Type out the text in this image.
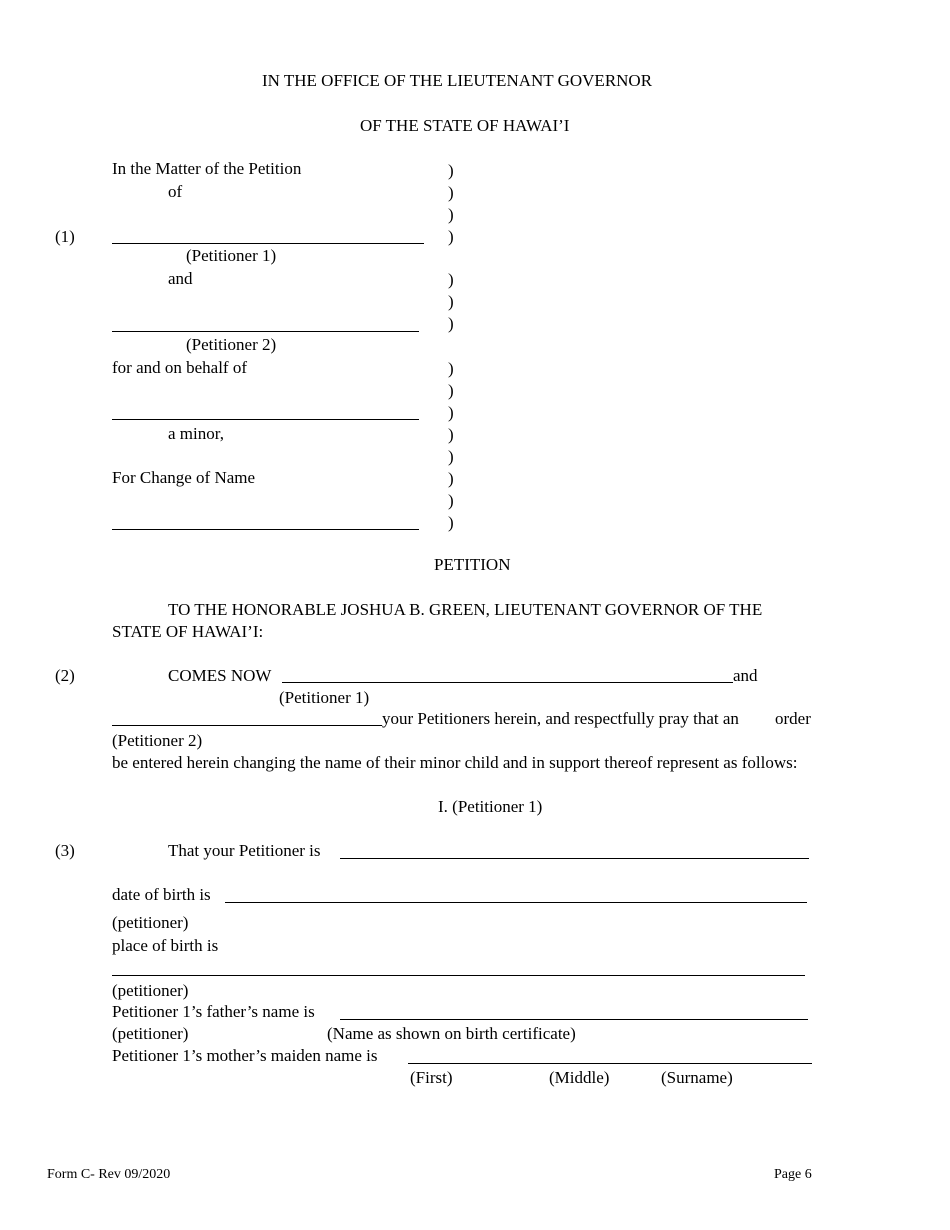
IN THE OFFICE OF THE LIEUTENANT GOVERNOR
OF THE STATE OF HAWAI’I
In the Matter of the Petition
of
(1)
(Petitioner 1)
and
(Petitioner 2)
for and on behalf of
a minor,
For Change of Name
)
)
)
)
)
)
)
)
)
)
)
)
)
)
)
PETITION
TO THE HONORABLE JOSHUA B. GREEN, LIEUTENANT GOVERNOR OF THE
STATE OF HAWAI’I:
(2)	COMES NOW	and
(Petitioner 1)
your Petitioners herein, and respectfully pray that an order
(Petitioner 2)
be entered herein changing the name of their minor child and in support thereof represent as follows:
I. (Petitioner 1)
(3)	That your Petitioner is
date of birth is
(petitioner)
place of birth is
(petitioner)
Petitioner 1’s father’s name is
(petitioner)	(Name as shown on birth certificate)
Petitioner 1’s mother’s maiden name is
(First)	(Middle)	(Surname)
Form C- Rev 09/2020	Page 6
